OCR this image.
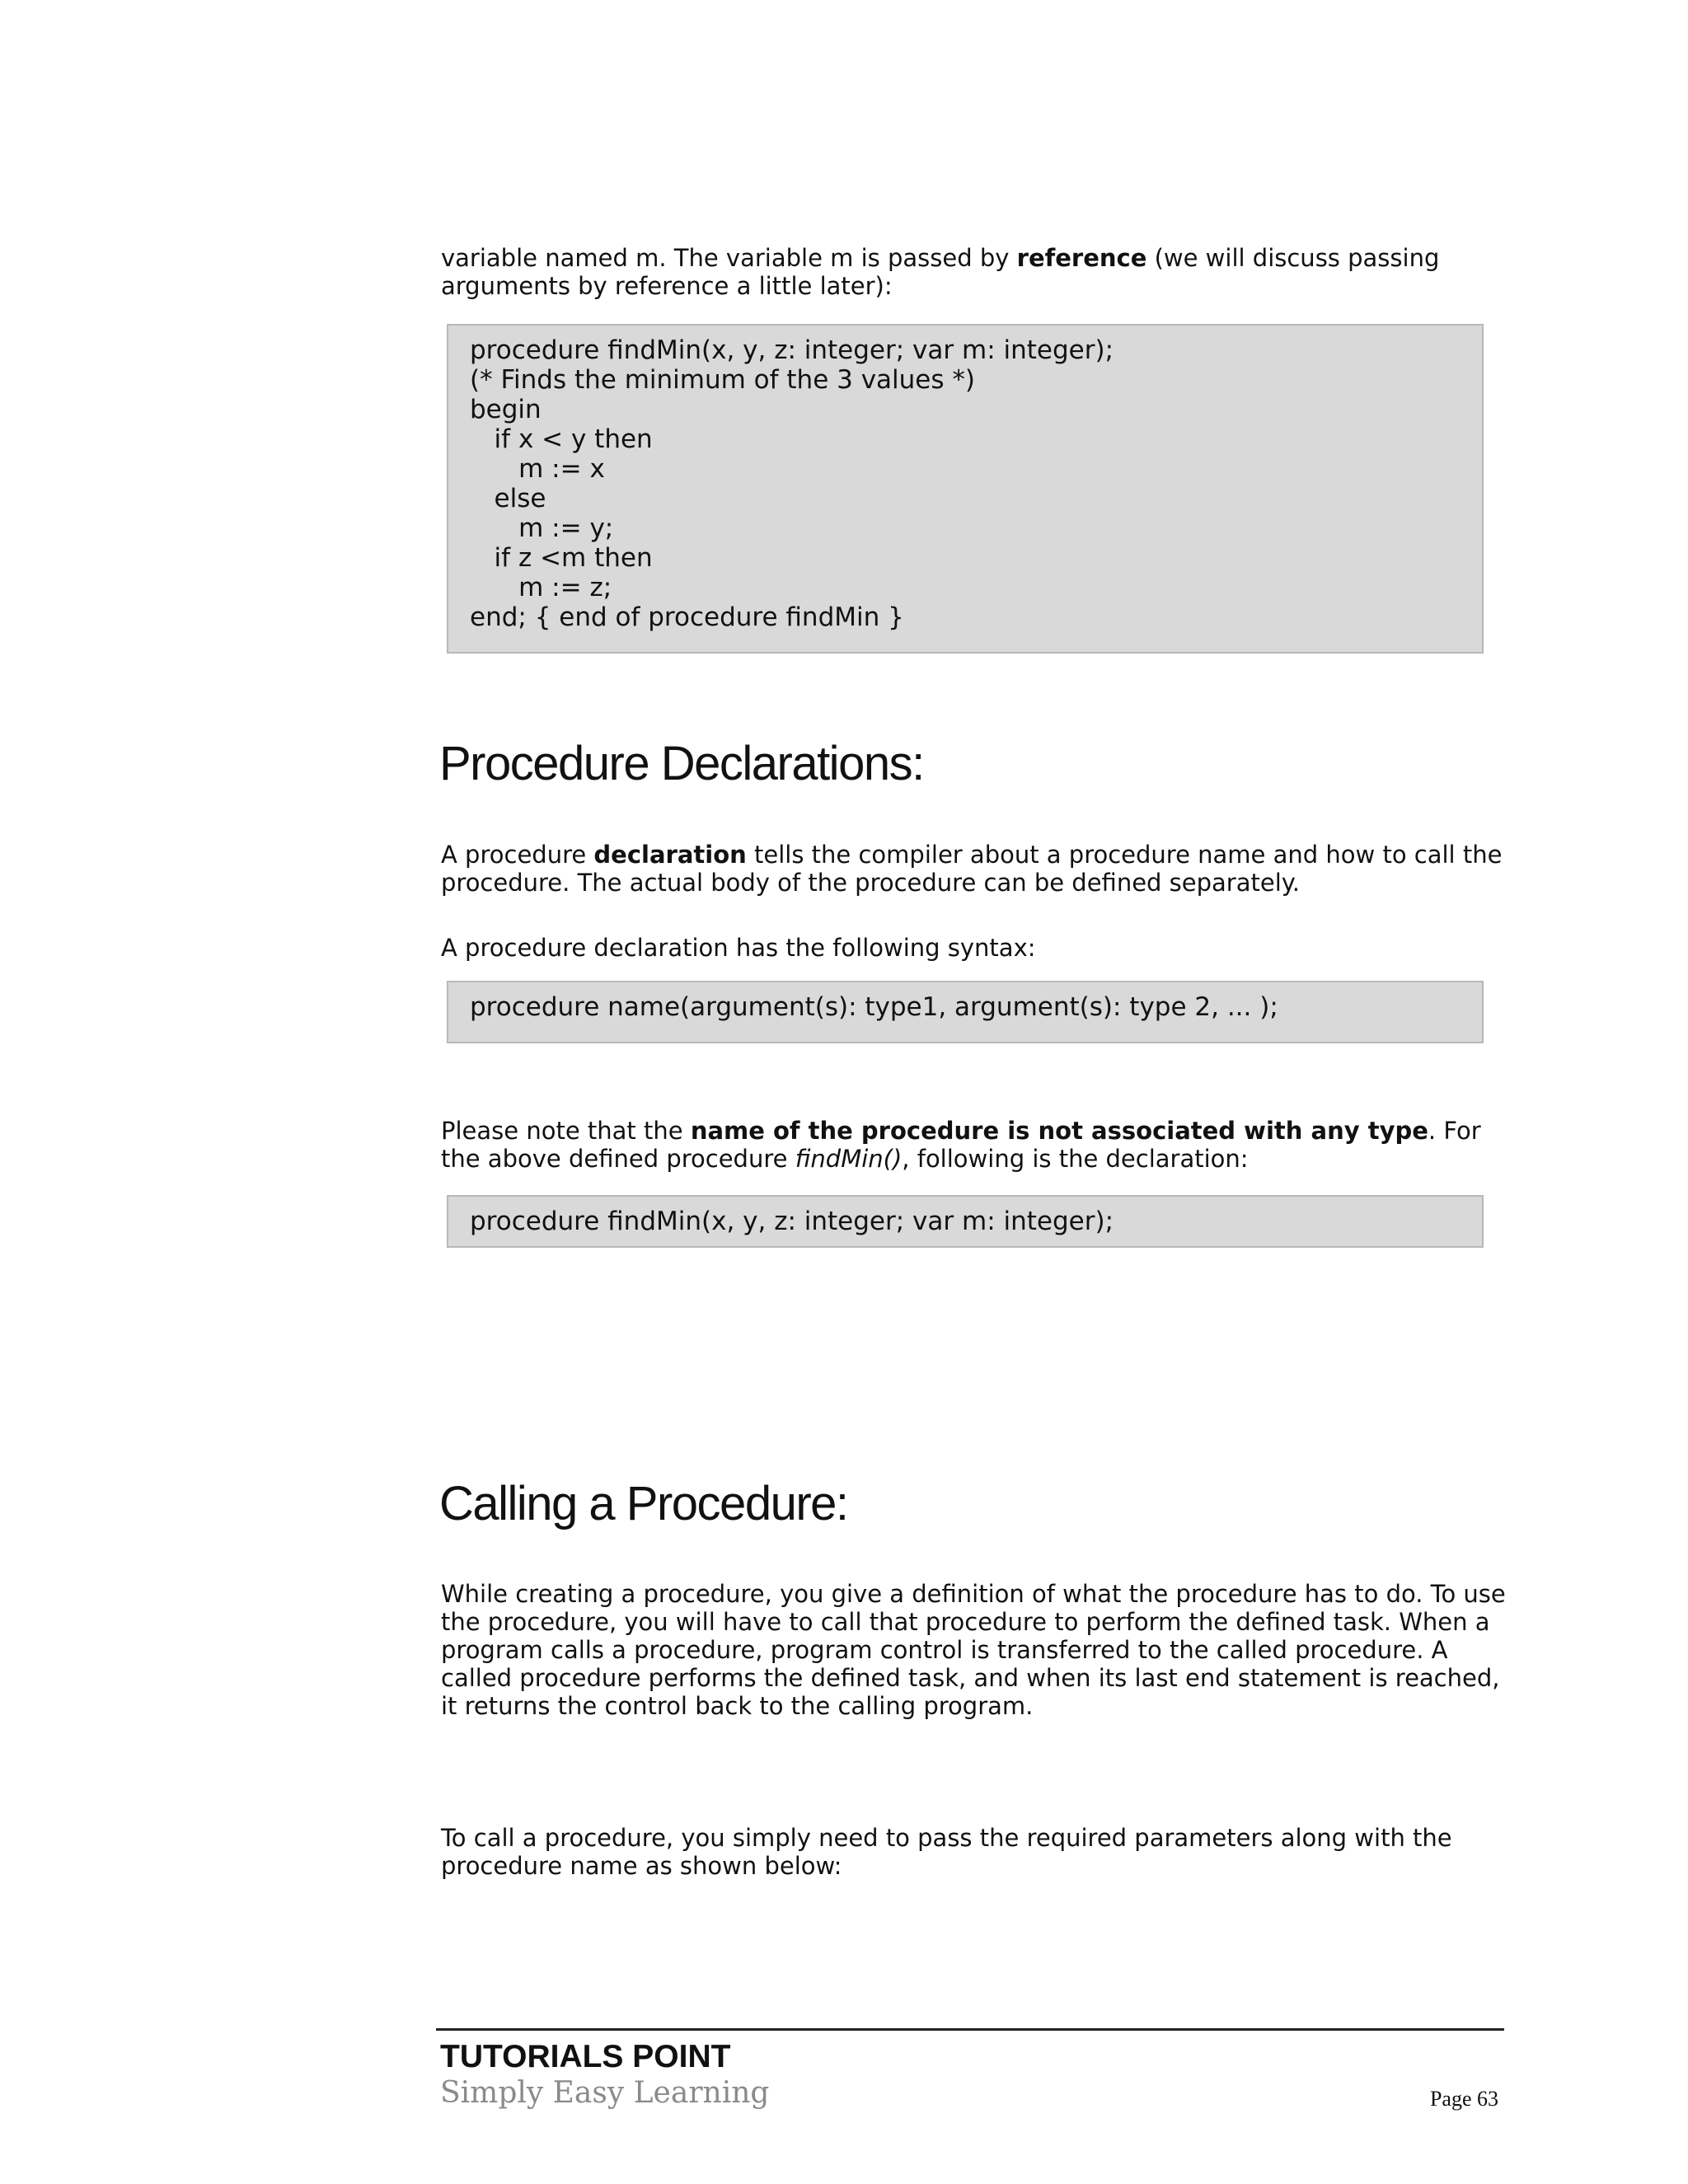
variable named m. The variable m is passed by reference (we will discuss passing arguments by reference a little later):

procedure findMin(x, y, z: integer; var m: integer);
(* Finds the minimum of the 3 values *)
begin
if x < y then
m := x
else
m := y;
if z <m then
m := z;
end; { end of procedure findMin }
Procedure Declarations:

A procedure declaration tells the compiler about a procedure name and how to call the procedure. The actual body of the procedure can be defined separately.

A procedure declaration has the following syntax:

procedure name(argument(s): type1, argument(s): type 2, ... );

Please note that the name of the procedure is not associated with any type. For the above defined procedure findMin(), following is the declaration:

procedure findMin(x, y, z: integer; var m: integer);
Calling a Procedure:

While creating a procedure, you give a definition of what the procedure has to do. To use the procedure, you will have to call that procedure to perform the defined task. When a program calls a procedure, program control is transferred to the called procedure. A called procedure performs the defined task, and when its last end statement is reached, it returns the control back to the calling program.

To call a procedure, you simply need to pass the required parameters along with the procedure name as shown below:

TUTORIALS POINT
Simply Easy Learning	Page 63
